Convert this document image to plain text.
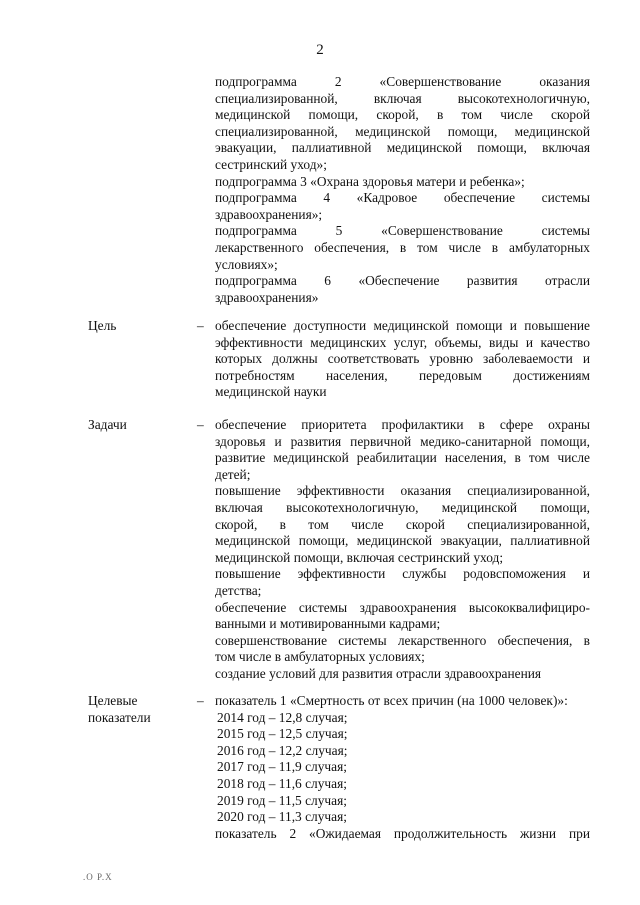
2

подпрограмма 2 «Совершенствование оказания

специализированной, включая высокотехнологичную,

медицинской помощи, скорой, в том числе скорой

специализированной, медицинской помощи, медицинской

эвакуации, паллиативной медицинской помощи, включая

сестринский уход»;

подпрограмма 3 «Охрана здоровья матери и ребенка»;

подпрограмма 4 «Кадровое обеспечение системы

здравоохранения»;

подпрограмма 5 «Совершенствование системы

лекарственного обеспечения, в том числе в амбулаторных

условиях»;

подпрограмма 6 «Обеспечение развития отрасли

здравоохранения»

Цель	– обеспечение доступности медицинской помощи и повышение

эффективности медицинских услуг, объемы, виды и качество

которых должны соответствовать уровню заболеваемости и

потребностям населения, передовым достижениям

медицинской науки

Задачи	– обеспечение приоритета профилактики в сфере охраны

здоровья и развития первичной медико-санитарной помощи,

развитие медицинской реабилитации населения, в том числе

детей;

повышение эффективности оказания специализированной,

включая высокотехнологичную, медицинской помощи,

скорой, в том числе скорой специализированной,

медицинской помощи, медицинской эвакуации, паллиативной

медицинской помощи, включая сестринский уход;

повышение эффективности службы родовспоможения и

детства;

обеспечение системы здравоохранения высококвалифициро-

ванными и мотивированными кадрами;

совершенствование системы лекарственного обеспечения, в

том числе в амбулаторных условиях;

создание условий для развития отрасли здравоохранения

Целевые
показатели
– показатель 1 «Смертность от всех причин (на 1000 человек)»:

2014 год – 12,8 случая;

2015 год – 12,5 случая;

2016 год – 12,2 случая;

2017 год – 11,9 случая;

2018 год – 11,6 случая;

2019 год – 11,5 случая;

2020 год – 11,3 случая;

показатель 2 «Ожидаемая продолжительность жизни при

.О Р.Х
